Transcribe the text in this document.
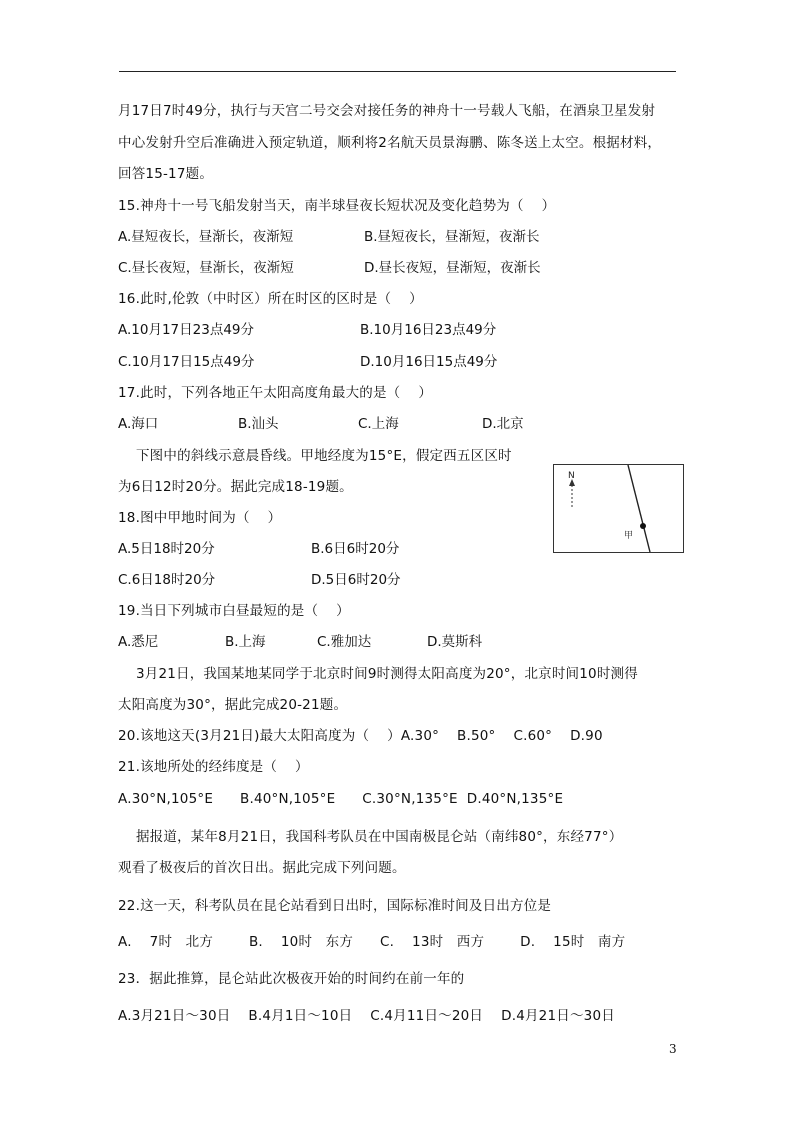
月17日7时49分，执行与天宫二号交会对接任务的神舟十一号载人飞船，在酒泉卫星发射
中心发射升空后准确进入预定轨道，顺利将2名航天员景海鹏、陈冬送上太空。根据材料，
回答15-17题。
15.神舟十一号飞船发射当天，南半球昼夜长短状况及变化趋势为（    ）
A.昼短夜长，昼渐长，夜渐短	B.昼短夜长，昼渐短，夜渐长
C.昼长夜短，昼渐长，夜渐短	D.昼长夜短，昼渐短，夜渐长
16.此时,伦敦（中时区）所在时区的区时是（    ）
A.10月17日23点49分	B.10月16日23点49分
C.10月17日15点49分	D.10月16日15点49分
17.此时，下列各地正午太阳高度角最大的是（    ）
A.海口	B.汕头	C.上海	D.北京
下图中的斜线示意晨昏线。甲地经度为15°E，假定西五区区时
为6日12时20分。据此完成18-19题。
N
甲
18.图中甲地时间为（    ）
A.5日18时20分	B.6日6时20分
C.6日18时20分	D.5日6时20分
19.当日下列城市白昼最短的是（    ）
A.悉尼	B.上海	C.雅加达	D.莫斯科
3月21日，我国某地某同学于北京时间9时测得太阳高度为20°，北京时间10时测得
太阳高度为30°，据此完成20-21题。
20.该地这天(3月21日)最大太阳高度为（    ）A.30°    B.50°    C.60°    D.90
21.该地所处的经纬度是（    ）
A.30°N,105°E      B.40°N,105°E      C.30°N,135°E  D.40°N,135°E
据报道，某年8月21日，我国科考队员在中国南极昆仑站（南纬80°，东经77°）
观看了极夜后的首次日出。据此完成下列问题。
22.这一天，科考队员在昆仑站看到日出时，国际标准时间及日出方位是
A.    7时   北方        B.    10时   东方      C.    13时   西方        D.    15时   南方
23．据此推算，昆仑站此次极夜开始的时间约在前一年的
A.3月21日～30日    B.4月1日～10日    C.4月11日～20日    D.4月21日～30日
3
